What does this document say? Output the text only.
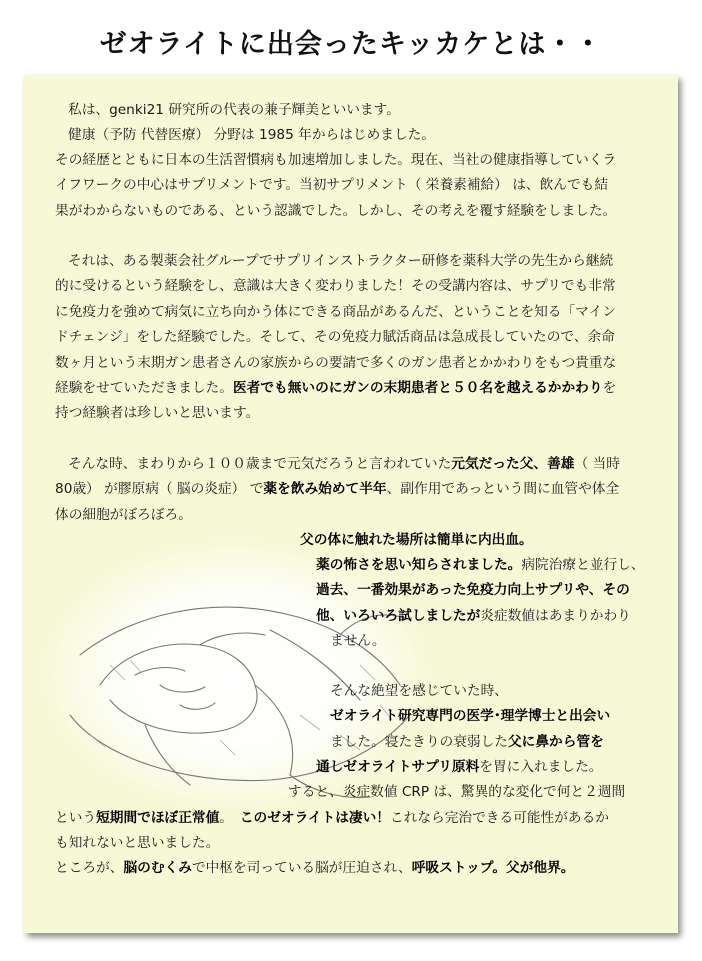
ゼオライトに出会ったキッカケとは・・
私は、genki21 研究所の代表の兼子輝美といいます。
健康（予防 代替医療） 分野は 1985 年からはじめました。
その経歴とともに日本の生活習慣病も加速増加しました。現在、当社の健康指導していくラ
イフワークの中心はサプリメントです。当初サプリメント（ 栄養素補給） は、飲んでも結
果がわからないものである、という認識でした。しかし、その考えを覆す経験をしました。
それは、ある製薬会社グループでサプリインストラクター研修を薬科大学の先生から継続
的に受けるという経験をし、意識は大きく変わりました！その受講内容は、サプリでも非常
に免疫力を強めて病気に立ち向かう体にできる商品があるんだ、ということを知る「マイン
ドチェンジ」をした経験でした。そして、その免疫力賦活商品は急成長していたので、余命
数ヶ月という末期ガン患者さんの家族からの要請で多くのガン患者とかかわりをもつ貴重な
経験をせていただきました。医者でも無いのにガンの末期患者と５０名を越えるかかわりを
持つ経験者は珍しいと思います。
そんな時、まわりから１００歳まで元気だろうと言われていた元気だった父、善雄（ 当時
80歳） が膠原病（ 脳の炎症） で薬を飲み始めて半年、副作用であっという間に血管や体全
体の細胞がぼろぼろ。
父の体に触れた場所は簡単に内出血。
薬の怖さを思い知らされました。病院治療と並行し、
過去、一番効果があった免疫力向上サプリや、その
他、いろいろ試しましたが炎症数値はあまりかわり
ません。
そんな絶望を感じていた時、
ゼオライト研究専門の医学･理学博士と出会い
ました。寝たきりの衰弱した父に鼻から管を
通しゼオライトサプリ原料を胃に入れました。
すると、炎症数値 CRP は、驚異的な変化で何と２週間
という短期間でほぼ正常値。　このゼオライトは凄い！これなら完治できる可能性があるか
も知れないと思いました。
ところが、脳のむくみで中枢を司っている脳が圧迫され、呼吸ストップ。父が他界。
